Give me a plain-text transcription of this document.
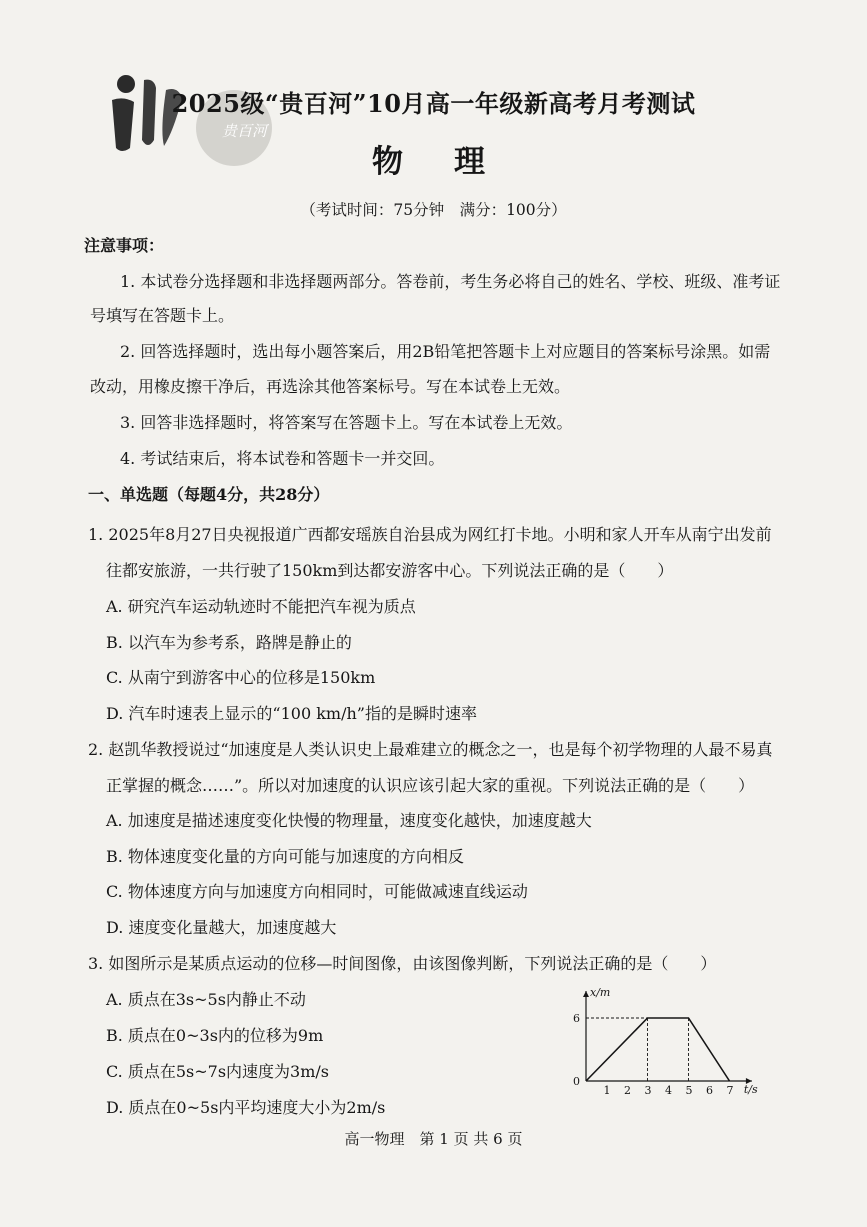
贵百河
2025级“贵百河”10月高一年级新高考月考测试
物　理
（考试时间：75分钟　满分：100分）
注意事项：
1. 本试卷分选择题和非选择题两部分。答卷前，考生务必将自己的姓名、学校、班级、准考证
号填写在答题卡上。
2. 回答选择题时，选出每小题答案后，用2B铅笔把答题卡上对应题目的答案标号涂黑。如需
改动，用橡皮擦干净后，再选涂其他答案标号。写在本试卷上无效。
3. 回答非选择题时，将答案写在答题卡上。写在本试卷上无效。
4. 考试结束后，将本试卷和答题卡一并交回。
一、单选题（每题4分，共28分）
1. 2025年8月27日央视报道广西都安瑶族自治县成为网红打卡地。小明和家人开车从南宁出发前
往都安旅游，一共行驶了150km到达都安游客中心。下列说法正确的是（　　）
A. 研究汽车运动轨迹时不能把汽车视为质点
B. 以汽车为参考系，路牌是静止的
C. 从南宁到游客中心的位移是150km
D. 汽车时速表上显示的“100 km/h”指的是瞬时速率
2. 赵凯华教授说过“加速度是人类认识史上最难建立的概念之一，也是每个初学物理的人最不易真
正掌握的概念……”。所以对加速度的认识应该引起大家的重视。下列说法正确的是（　　）
A. 加速度是描述速度变化快慢的物理量，速度变化越快，加速度越大
B. 物体速度变化量的方向可能与加速度的方向相反
C. 物体速度方向与加速度方向相同时，可能做减速直线运动
D. 速度变化量越大，加速度越大
3. 如图所示是某质点运动的位移—时间图像，由该图像判断，下列说法正确的是（　　）
A. 质点在3s~5s内静止不动
B. 质点在0~3s内的位移为9m
C. 质点在5s~7s内速度为3m/s
D. 质点在0~5s内平均速度大小为2m/s
x/m
t/s
1 2 3 4 5 6 7
0
6
高一物理　第 1 页 共 6 页
